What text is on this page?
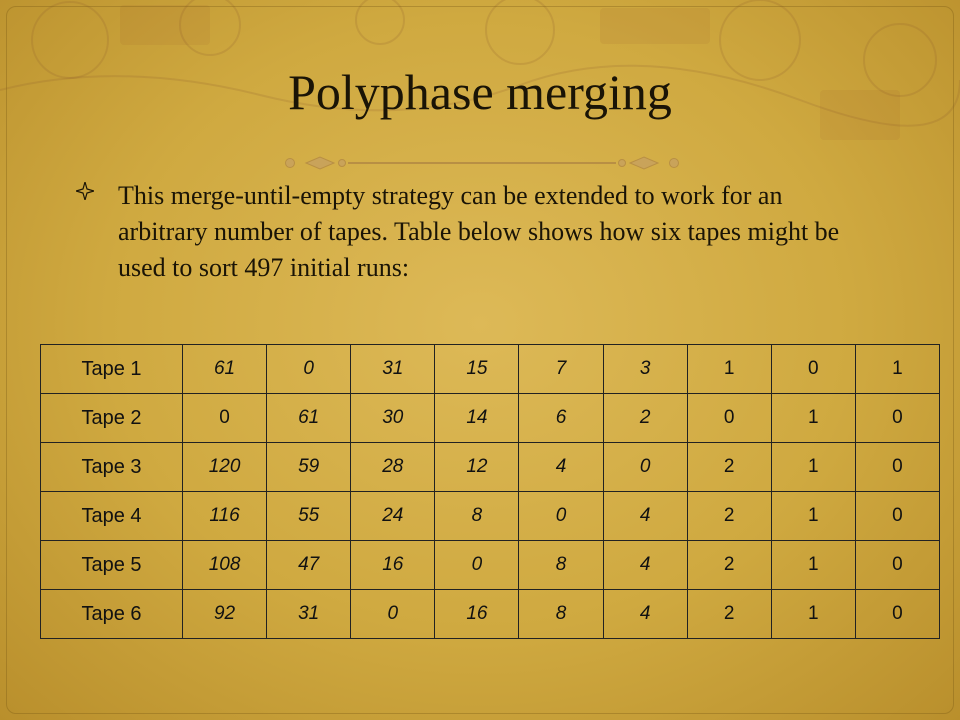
Polyphase merging
This merge-until-empty strategy can be extended to work for an arbitrary number of tapes. Table below shows how six tapes might be used to sort 497 initial runs:
Tape 1	61	0	31	15	7	3	1	0	1
Tape 2	0	61	30	14	6	2	0	1	0
Tape 3	120	59	28	12	4	0	2	1	0
Tape 4	116	55	24	8	0	4	2	1	0
Tape 5	108	47	16	0	8	4	2	1	0
Tape 6	92	31	0	16	8	4	2	1	0
